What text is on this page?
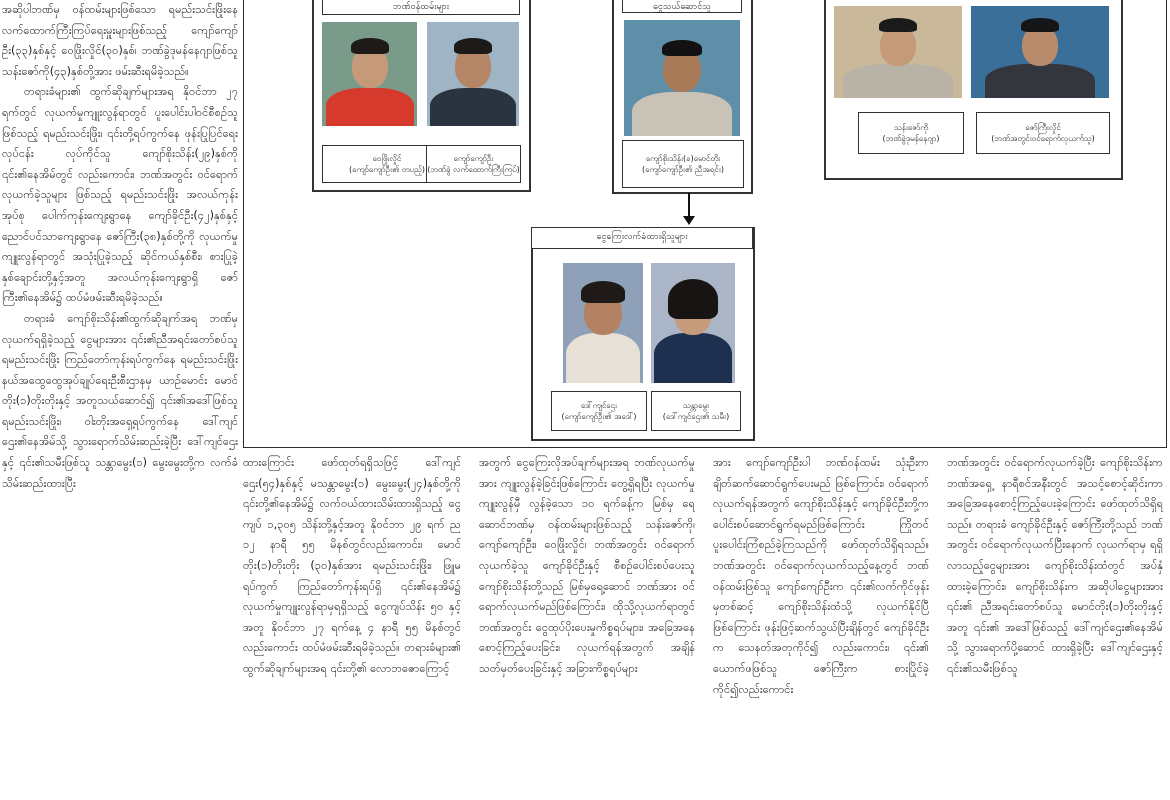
အဆိုပါဘဏ်မှ ဝန်ထမ်းများဖြစ်သော ရမည်းသင်းဖြိုးနေ လက်ထောက်ကြီးကြပ်ရေးမှူးများဖြစ်သည့် ကျော်ကျော်ဦး(၃၃)နှစ်နှင့် ဝေဖြိုးလှိုင်(၃၀)နှစ်၊ ဘဏ်ခွဲဒုမန်နေဂျာဖြစ်သူ သန်းဇော်ကို(၄၃)နှစ်တို့အား ဖမ်းဆီးရမိခဲ့သည်။

တရားခံများ၏ ထွက်ဆိုချက်များအရ နိုဝင်ဘာ ၂၇ ရက်တွင် လုယက်မှုကျူးလွန်ရာတွင် ပူးပေါင်းပါဝင်စီစဉ်သူဖြစ်သည့် ရမည်းသင်းဖြိုး၊ ၎င်းတို့ရပ်ကွက်နေ ဖုန်းပြုပြင်ရေးလုပ်ငန်း လုပ်ကိုင်သူ ကျော်စိုးသိန်း(၂၉)နှစ်ကို ၎င်း၏နေအိမ်တွင် လည်းကောင်း၊ ဘဏ်အတွင်း ဝင်ရောက်လုယက်ခဲ့သူများ ဖြစ်သည့် ရမည်းသင်းဖြိုး အလယ်ကုန်းအုပ်စု ပေါက်ကုန်းကျေးရွာနေ ကျော်ခိုင်ဦး(၄၂)နှစ်နှင့် ညောင်ပင်သာကျေးရွာနေ ဇော်ကြီး(၃၈)နှစ်တို့ကို လုယက်မှုကျူးလွန်ရာတွင် အသုံးပြုခဲ့သည့် ဆိုင်ကယ်နှစ်စီး၊ စားပြုခဲ့ နှစ်ချောင်းတို့နှင့်အတူ အလယ်ကုန်းကျေးရွာရှိ ဇော်ကြီး၏နေအိမ်၌ ထပ်မံဖမ်းဆီးရမိခဲ့သည်။

တရားခံ ကျော်စိုးသိန်း၏ထွက်ဆိုချက်အရ ဘဏ်မှလုယက်ရရှိခဲ့သည့် ငွေများအား ၎င်း၏ညီအရင်းတော်စပ်သူ ရမည်းသင်းဖြိုး ကြည်တော်ကုန်းရပ်ကွက်နေ ရမည်းသင်းဖြိုးနယ်အထွေထွေအုပ်ချုပ်ရေးဦးစီးဌာနမှ ယာဉ်မောင်း မောင်တိုး(၁)တိုးတိုးနှင့် အတူသယ်ဆောင်၍ ၎င်း၏အဒေါ်ဖြစ်သူ ရမည်းသင်းဖြိုး၊ ဝါးတိုးအရှေ့ရပ်ကွက်နေ ဒေါ်ကျင်ဌေး၏နေအိမ်သို့ သွားရောက်သိမ်းဆည်းခဲ့ပြီး ဒေါ်ကျင်ဌေးနှင့် ၎င်း၏သမီးဖြစ်သူ သန္တာမွေး(၁) မွေးမွေးတို့က လက်ခံသိမ်းဆည်းထားပြီး

ဘဏ်ဝန်ထမ်းများ
ဝေဖြိုးလှိုင်
(ကျော်ကျော်ဦး၏ တပည့်)
ကျော်ကျော်ဦး
(ဘဏ်ခွဲ လက်ထောက်ကြီးကြပ်)
ငွေသယ်ဆောင်သူ
ကျော်စိုးသိန်း(ခ)မောင်တိုး
(ကျော်ကျော်ဦး၏ ညီအရင်း)
သန်းဇော်ကို
(ဘဏ်ခွဲဒုမန်နေဂျာ)
ဇော်ကြီးလှိုင်
(ဘဏ်အတွင်းဝင်ရောက်လုယက်သူ)
ငွေကြေးလက်ခံထားရှိသူများ
ဒေါ်ကျင်ဌေး
(ကျော်ကျော်ဦး၏ အဒေါ်)
သန္တာမွေး
(ဒေါ်ကျင်ဌေး၏ သမီး)

ထားကြောင်း ဖော်ထုတ်ရရှိသဖြင့် ဒေါ်ကျင်ဌေး(၅၄)နှစ်နှင့် မသန္တာမွေး(၁) မွေးမွေး(၂၄)နှစ်တို့ကို ၎င်းတို့၏နေအိမ်၌ လက်ဝယ်ထားသိမ်းထားရှိသည့် ငွေကျပ် ၁,၃၀၅ သိန်းတို့နှင့်အတူ နိုဝင်ဘာ ၂၉ ရက် ည ၁၂ နာရီ ၅၅ မိနစ်တွင်လည်းကောင်း၊ မောင်တိုး(၁)တိုးတိုး (၃၀)နှစ်အား ရမည်းသင်းဖြိုး၊ ဖြူမရပ်ကွက် ကြည်တော်ကုန်းရပ်ရှိ ၎င်း၏နေအိမ်၌ လုယက်မှုကျူးလွန်ရာမှရရှိသည့် ငွေကျပ်သိန်း ၅၀ နှင့်အတူ နိုဝင်ဘာ ၂၇ ရက်နေ့ ၄ နာရီ ၅၅ မိနစ်တွင်လည်းကောင်း ထပ်မံဖမ်းဆီးရမိခဲ့သည်။ တရားခံများ၏ ထွက်ဆိုချက်များအရ ၎င်းတို့၏ လောဘဇောကြောင့်

အတွက် ငွေကြေးလိုအပ်ချက်များအရ ဘဏ်လုယက်မှုအား ကျူးလွန်ခဲ့ခြင်းဖြစ်ကြောင်း တွေ့ရှိရပြီး လုယက်မှုကျူးလွန်မှီ လွန်ခဲ့သော ၁၀ ရက်ခန့်က မြစ်မှ ရေဆောင်ဘဏ်မှ ဝန်ထမ်းများဖြစ်သည့် သန်းဇော်ကို၊ ကျော်ကျော်ဦး၊ ဝေဖြိုးလှိုင်၊ ဘဏ်အတွင်း ဝင်ရောက်လုယက်ခဲ့သူ ကျော်ခိုင်ဦးနှင့် စီစဉ်ပေါင်းစပ်ပေးသူ ကျော်စိုးသိန်းတို့သည် မြစ်မှရေ့ဆောင် ဘဏ်အား ဝင်ရောက်လုယက်မည်ဖြစ်ကြောင်း၊ ထိုသို့လုယက်ရာတွင် ဘဏ်အတွင်း ငွေထုပ်ပိုးပေးမှုကိစ္စရပ်များ၊ အခြေအနေ စောင့်ကြည့်ပေးခြင်း၊ လုယက်ရန်အတွက် အချိန်သတ်မှတ်ပေးခြင်းနှင့် အခြားကိစ္စရပ်များ

အား ကျော်ကျော်ဦးပါ ဘဏ်ဝန်ထမ်း သုံးဦးက ချိတ်ဆက်ဆောင်ရွက်ပေးမည် ဖြစ်ကြောင်း၊ ဝင်ရောက်လုယက်ရန်အတွက် ကျော်စိုးသိန်းနှင့် ကျော်ခိုင်ဦးတို့က ပေါင်းစပ်ဆောင်ရွက်ရမည်ဖြစ်ကြောင်း ကြိုတင်ပူးပေါင်းကြံစည်ခဲ့ကြသည်ကို ဖော်ထုတ်သိရှိရသည်။ ဘဏ်အတွင်း ဝင်ရောက်လုယက်သည့်နေ့တွင် ဘဏ်ဝန်ထမ်းဖြစ်သူ ကျော်ကျော်ဦးက ၎င်း၏လက်ကိုင်ဖုန်း မှတစ်ဆင့် ကျော်စိုးသိန်းထံသို့ လုယက်နိုင်ပြီဖြစ်ကြောင်း ဖုန်းဖြင့်ဆက်သွယ်ပြီးချိန်တွင် ကျော်ခိုင်ဦးက သေနတ်အတုကိုင်၍ လည်းကောင်း၊ ၎င်း၏ ယောက်ဖဖြစ်သူ ဇော်ကြီးက စားပြိုင်ခဲ့ကိုင်၍လည်းကောင်း

ဘဏ်အတွင်း ဝင်ရောက်လုယက်ခဲ့ပြီး ကျော်စိုးသိန်းက ဘဏ်အရှေ့ နာရီစင်အနီးတွင် အသင့်စောင့်ဆိုင်းကာ အခြေအနေစောင့်ကြည့်ပေးခဲ့ကြောင်း ဖော်ထုတ်သိရှိရသည်။ တရားခံ ကျော်ခိုင်ဦးနှင့် ဇော်ကြီးတို့သည် ဘဏ်အတွင်း ဝင်ရောက်လုယက်ပြီးနောက် လုယက်ရာမှ ရရှိလာသည့်ငွေများအား ကျော်စိုးသိန်းထံတွင် အပ်နှံထားခဲ့ကြောင်း၊ ကျော်စိုးသိန်းက အဆိုပါငွေများအား ၎င်း၏ ညီအရင်းတော်စပ်သူ မောင်တိုး(၁)တိုးတိုးနှင့်အတူ ၎င်း၏ အဒေါ်ဖြစ်သည့် ဒေါ်ကျင်ဌေး၏နေအိမ်သို့ သွားရောက်ပို့ဆောင် ထားရှိခဲ့ပြီး ဒေါ်ကျင်ဌေးနှင့် ၎င်း၏သမီးဖြစ်သူ
